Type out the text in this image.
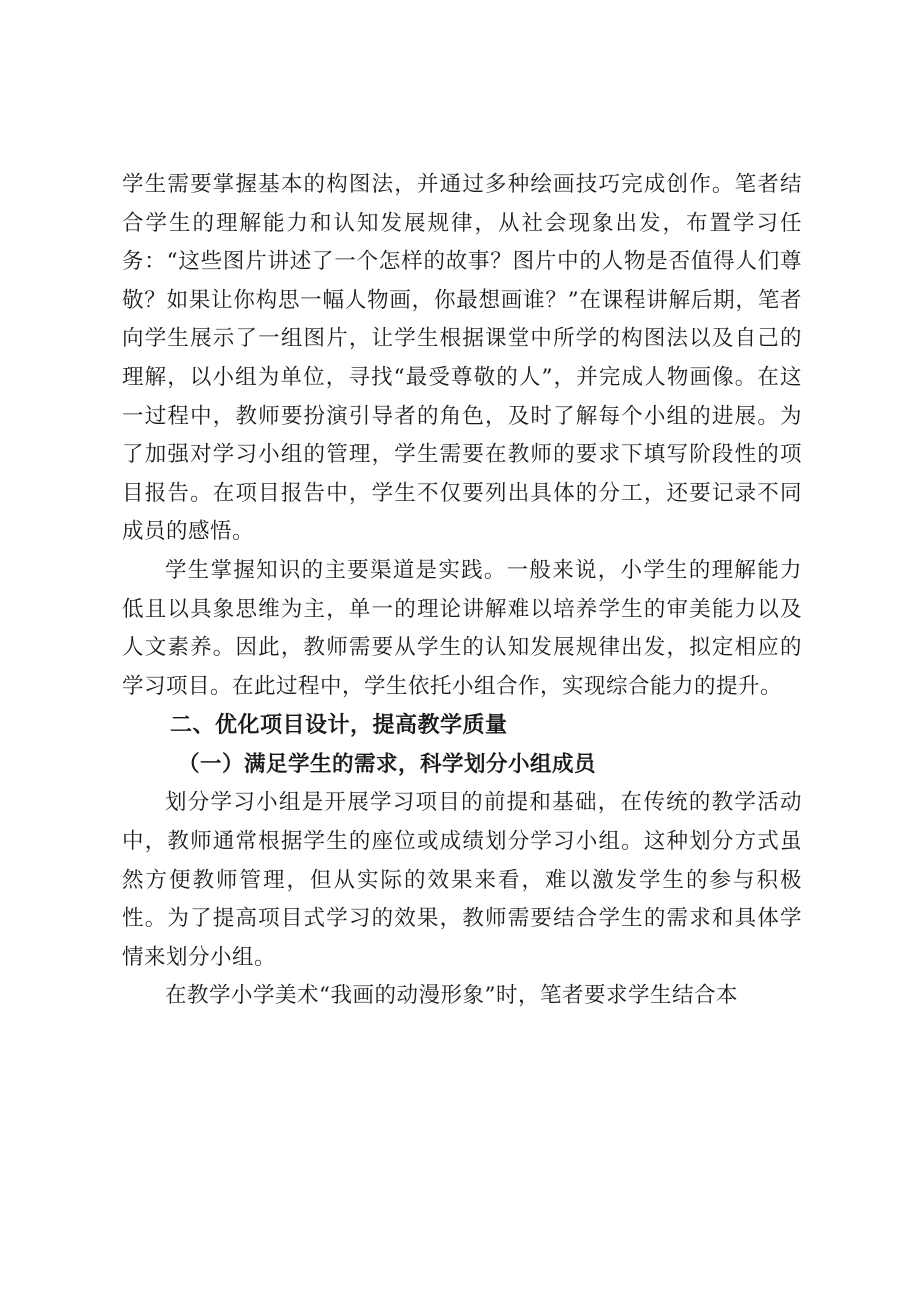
学生需要掌握基本的构图法，并通过多种绘画技巧完成创作。笔者结合学生的理解能力和认知发展规律，从社会现象出发，布置学习任务：“这些图片讲述了一个怎样的故事？图片中的人物是否值得人们尊敬？如果让你构思一幅人物画，你最想画谁？”在课程讲解后期，笔者向学生展示了一组图片，让学生根据课堂中所学的构图法以及自己的理解，以小组为单位，寻找“最受尊敬的人”，并完成人物画像。在这一过程中，教师要扮演引导者的角色，及时了解每个小组的进展。为了加强对学习小组的管理，学生需要在教师的要求下填写阶段性的项目报告。在项目报告中，学生不仅要列出具体的分工，还要记录不同成员的感悟。

学生掌握知识的主要渠道是实践。一般来说，小学生的理解能力低且以具象思维为主，单一的理论讲解难以培养学生的审美能力以及人文素养。因此，教师需要从学生的认知发展规律出发，拟定相应的学习项目。在此过程中，学生依托小组合作，实现综合能力的提升。

二、优化项目设计，提高教学质量
（一）满足学生的需求，科学划分小组成员

划分学习小组是开展学习项目的前提和基础，在传统的教学活动中，教师通常根据学生的座位或成绩划分学习小组。这种划分方式虽然方便教师管理，但从实际的效果来看，难以激发学生的参与积极性。为了提高项目式学习的效果，教师需要结合学生的需求和具体学情来划分小组。

在教学小学美术“我画的动漫形象”时，笔者要求学生结合本
